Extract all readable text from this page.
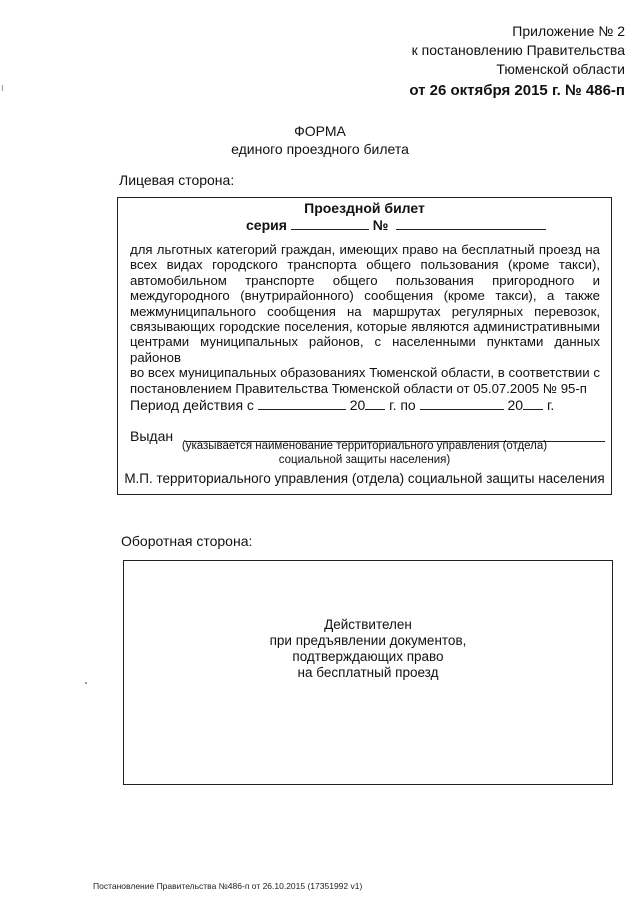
Приложение № 2
к постановлению Правительства
Тюменской области
от 26 октября 2015 г. № 486-п
ФОРМА
единого проездного билета
Лицевая сторона:
Проездной билет
серия	№
для льготных категорий граждан, имеющих право на бесплатный проезд на
всех видах городского транспорта общего пользования (кроме такси),
автомобильном транспорте общего пользования пригородного и
междугородного (внутрирайонного) сообщения (кроме такси), а также
межмуниципального сообщения на маршрутах регулярных перевозок,
связывающих городские поселения, которые являются административными
центрами муниципальных районов, с населенными пунктами данных районов
во всех муниципальных образованиях Тюменской области, в соответствии с
постановлением Правительства Тюменской области от 05.07.2005 № 95-п
Период действия с	20 г. по	20 г.
Выдан
(указывается наименование территориального управления (отдела)
социальной защиты населения)
М.П. территориального управления (отдела) социальной защиты населения
Оборотная сторона:
Действителен
при предъявлении документов,
подтверждающих право
на бесплатный проезд
Постановление Правительства №486-п от 26.10.2015 (17351992 v1)
